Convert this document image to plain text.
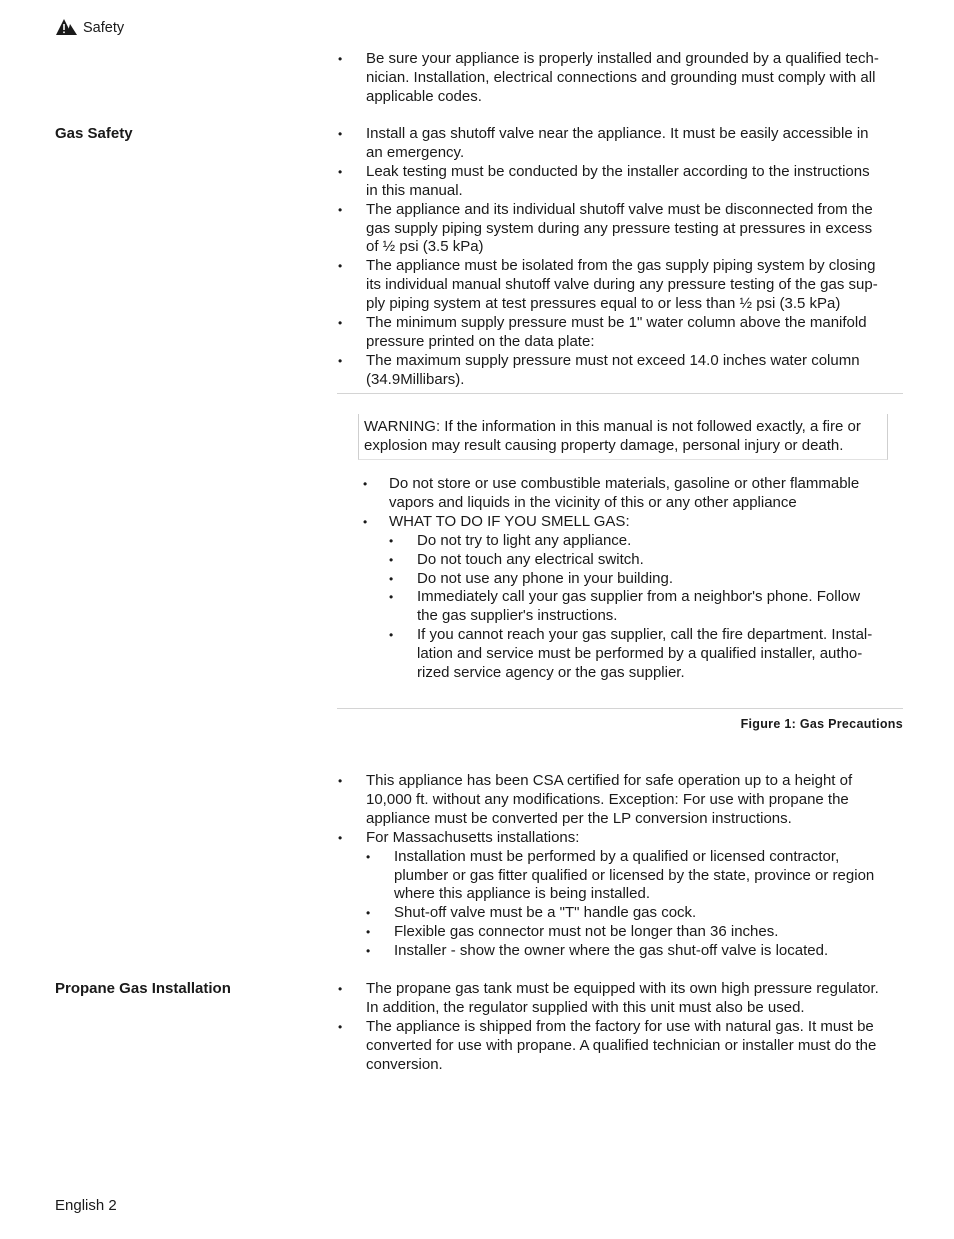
Safety
• Be sure your appliance is properly installed and grounded by a qualified tech-
nician. Installation, electrical connections and grounding must comply with all
applicable codes.
Gas Safety	• Install a gas shutoff valve near the appliance. It must be easily accessible in
an emergency.
• Leak testing must be conducted by the installer according to the instructions
in this manual.
• The appliance and its individual shutoff valve must be disconnected from the
gas supply piping system during any pressure testing at pressures in excess
of ½ psi (3.5 kPa)
• The appliance must be isolated from the gas supply piping system by closing
its individual manual shutoff valve during any pressure testing of the gas sup-
ply piping system at test pressures equal to or less than ½ psi (3.5 kPa)
• The minimum supply pressure must be 1" water column above the manifold
pressure printed on the data plate:
• The maximum supply pressure must not exceed 14.0 inches water column
(34.9Millibars).
WARNING: If the information in this manual is not followed exactly, a fire or
explosion may result causing property damage, personal injury or death.
• Do not store or use combustible materials, gasoline or other flammable
vapors and liquids in the vicinity of this or any other appliance
• WHAT TO DO IF YOU SMELL GAS:
• Do not try to light any appliance.
• Do not touch any electrical switch.
• Do not use any phone in your building.
• Immediately call your gas supplier from a neighbor's phone. Follow
the gas supplier's instructions.
• If you cannot reach your gas supplier, call the fire department. Instal-
lation and service must be performed by a qualified installer, autho-
rized service agency or the gas supplier.
Figure 1: Gas Precautions
• This appliance has been CSA certified for safe operation up to a height of
10,000 ft. without any modifications. Exception: For use with propane the
appliance must be converted per the LP conversion instructions.
• For Massachusetts installations:
• Installation must be performed by a qualified or licensed contractor,
plumber or gas fitter qualified or licensed by the state, province or region
where this appliance is being installed.
• Shut-off valve must be a "T" handle gas cock.
• Flexible gas connector must not be longer than 36 inches.
• Installer - show the owner where the gas shut-off valve is located.
Propane Gas Installation	• The propane gas tank must be equipped with its own high pressure regulator.
In addition, the regulator supplied with this unit must also be used.
• The appliance is shipped from the factory for use with natural gas. It must be
converted for use with propane. A qualified technician or installer must do the
conversion.
English 2
